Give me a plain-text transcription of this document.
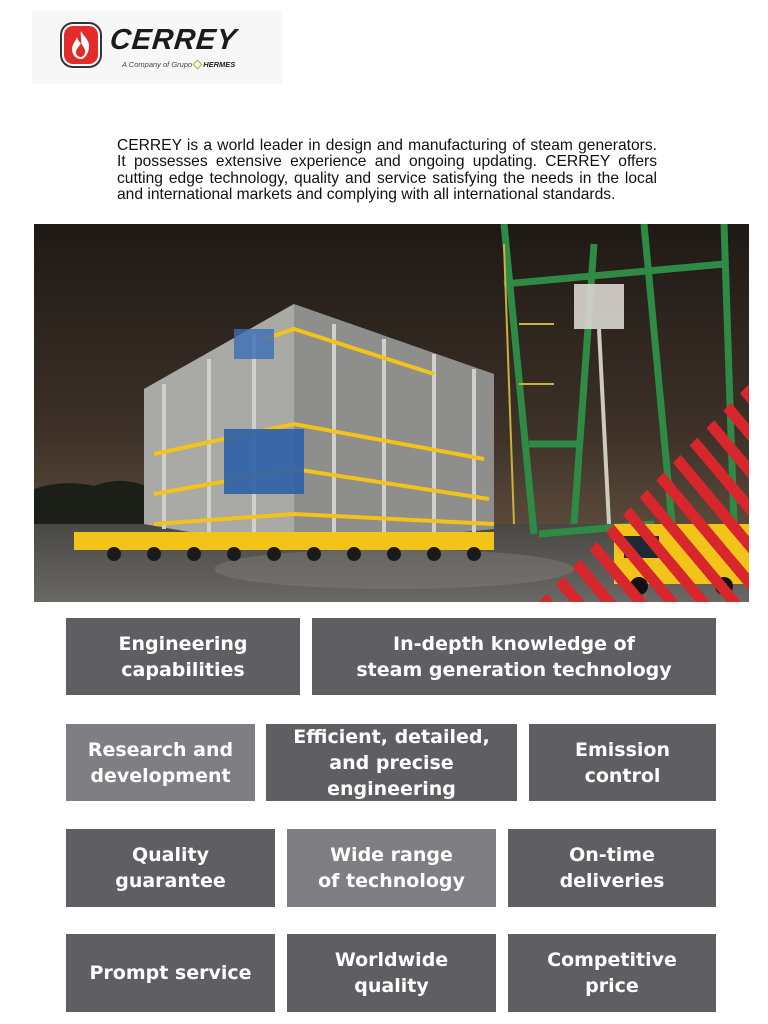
CERREY
A Company of Grupo HERMES

CERREY is a world leader in design and manufacturing of steam generators. It possesses extensive experience and ongoing updating. CERREY offers cutting edge technology, quality and service satisfying the needs in the local and international markets and complying with all international standards.

Engineering
capabilities
In-depth knowledge of
steam generation technology
Research and
development
Efficient, detailed,
and precise engineering
Emission
control
Quality
guarantee
Wide range
of technology
On-time
deliveries
Prompt service
Worldwide
quality
Competitive
price
